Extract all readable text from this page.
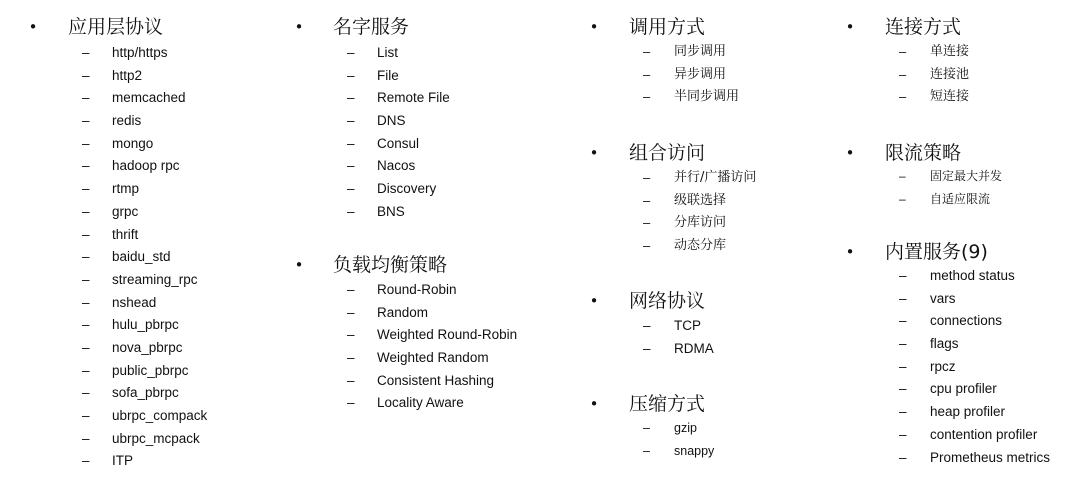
• 应用层协议
– http/https
– http2
– memcached
– redis
– mongo
– hadoop rpc
– rtmp
– grpc
– thrift
– baidu_std
– streaming_rpc
– nshead
– hulu_pbrpc
– nova_pbrpc
– public_pbrpc
– sofa_pbrpc
– ubrpc_compack
– ubrpc_mcpack
– ITP
• 名字服务
– List
– File
– Remote File
– DNS
– Consul
– Nacos
– Discovery
– BNS
• 负载均衡策略
– Round-Robin
– Random
– Weighted Round-Robin
– Weighted Random
– Consistent Hashing
– Locality Aware
• 调用方式
– 同步调用
– 异步调用
– 半同步调用
• 组合访问
– 并行/广播访问
– 级联选择
– 分库访问
– 动态分库
• 网络协议
– TCP
– RDMA
• 压缩方式
– gzip
– snappy
• 连接方式
– 单连接
– 连接池
– 短连接
• 限流策略
– 固定最大并发
– 自适应限流
• 内置服务(9)
– method status
– vars
– connections
– flags
– rpcz
– cpu profiler
– heap profiler
– contention profiler
– Prometheus metrics
